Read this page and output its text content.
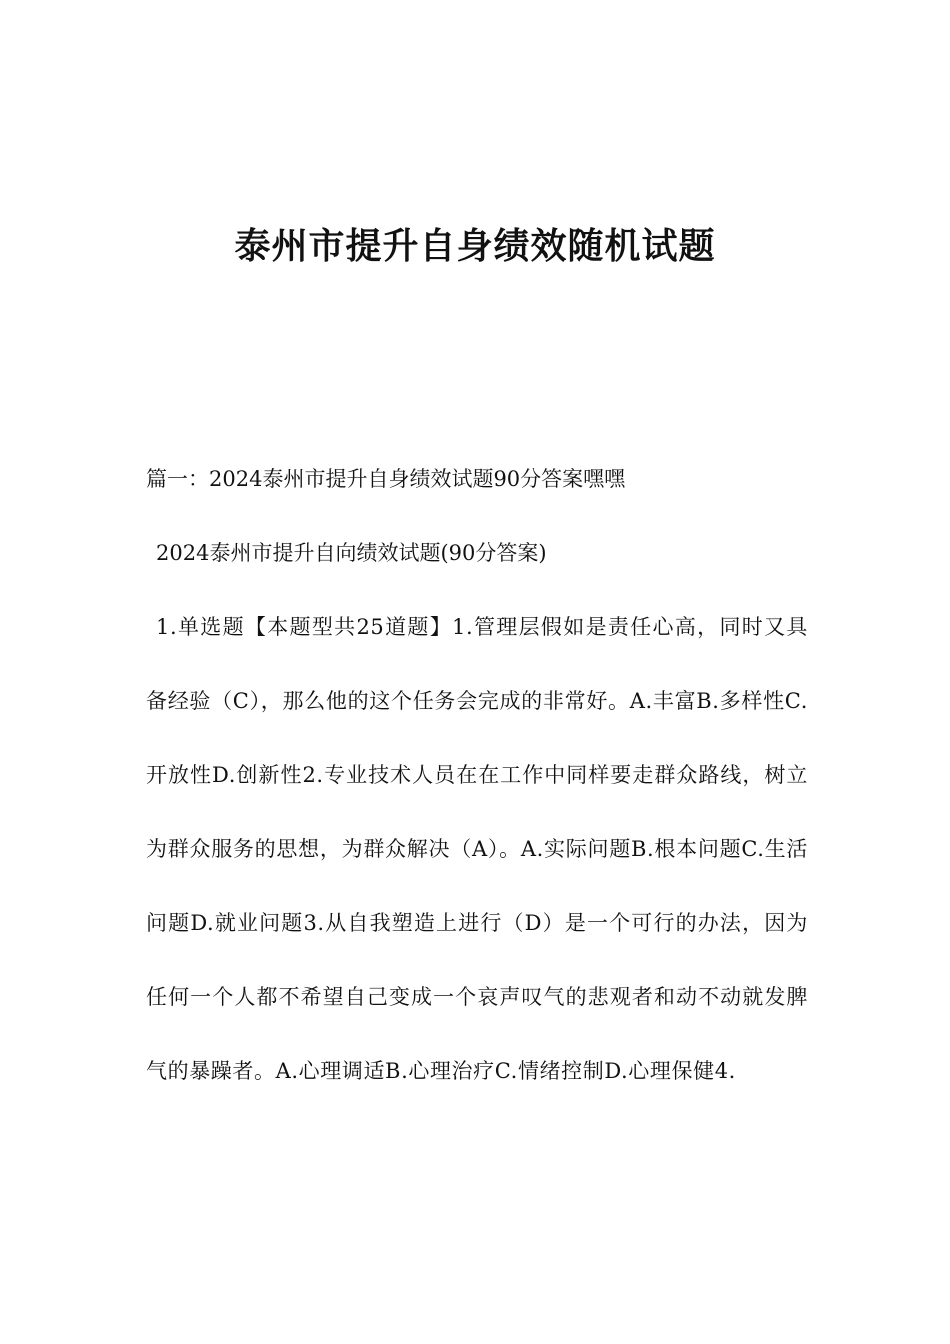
泰州市提升自身绩效随机试题

篇一：2024泰州市提升自身绩效试题90分答案嘿嘿

2024泰州市提升自向绩效试题(90分答案)

1.单选题【本题型共25道题】1.管理层假如是责任心高，同时又具备经验（C），那么他的这个任务会完成的非常好。A.丰富B.多样性C.开放性D.创新性2.专业技术人员在在工作中同样要走群众路线，树立为群众服务的思想，为群众解决（A）。A.实际问题B.根本问题C.生活问题D.就业问题3.从自我塑造上进行（D）是一个可行的办法，因为任何一个人都不希望自己变成一个哀声叹气的悲观者和动不动就发脾气的暴躁者。A.心理调适B.心理治疗C.情绪控制D.心理保健4.
